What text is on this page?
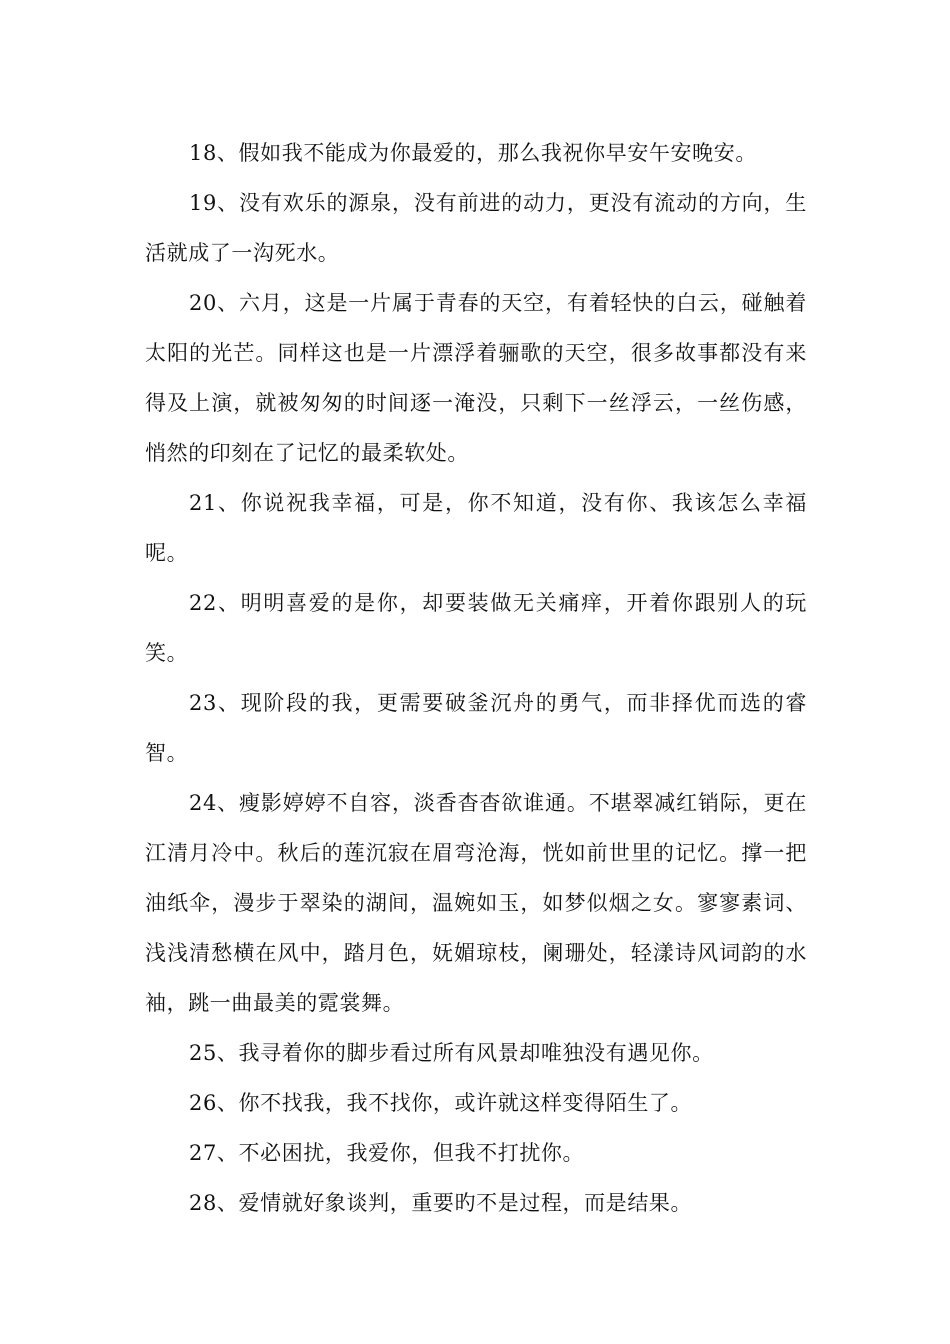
18、假如我不能成为你最爱的，那么我祝你早安午安晚安。

19、没有欢乐的源泉，没有前进的动力，更没有流动的方向，生活就成了一沟死水。

20、六月，这是一片属于青春的天空，有着轻快的白云，碰触着太阳的光芒。同样这也是一片漂浮着骊歌的天空，很多故事都没有来得及上演，就被匆匆的时间逐一淹没，只剩下一丝浮云，一丝伤感，悄然的印刻在了记忆的最柔软处。

21、你说祝我幸福，可是，你不知道，没有你、我该怎么幸福呢。

22、明明喜爱的是你，却要装做无关痛痒，开着你跟别人的玩笑。

23、现阶段的我，更需要破釜沉舟的勇气，而非择优而选的睿智。

24、瘦影婷婷不自容，淡香杳杳欲谁通。不堪翠减红销际，更在江清月冷中。秋后的莲沉寂在眉弯沧海，恍如前世里的记忆。撑一把油纸伞，漫步于翠染的湖间，温婉如玉，如梦似烟之女。寥寥素词、浅浅清愁横在风中，踏月色，妩媚琼枝，阑珊处，轻漾诗风词韵的水袖，跳一曲最美的霓裳舞。

25、我寻着你的脚步看过所有风景却唯独没有遇见你。

26、你不找我，我不找你，或许就这样变得陌生了。

27、不必困扰，我爱你，但我不打扰你。

28、爱情就好象谈判，重要旳不是过程，而是结果。
